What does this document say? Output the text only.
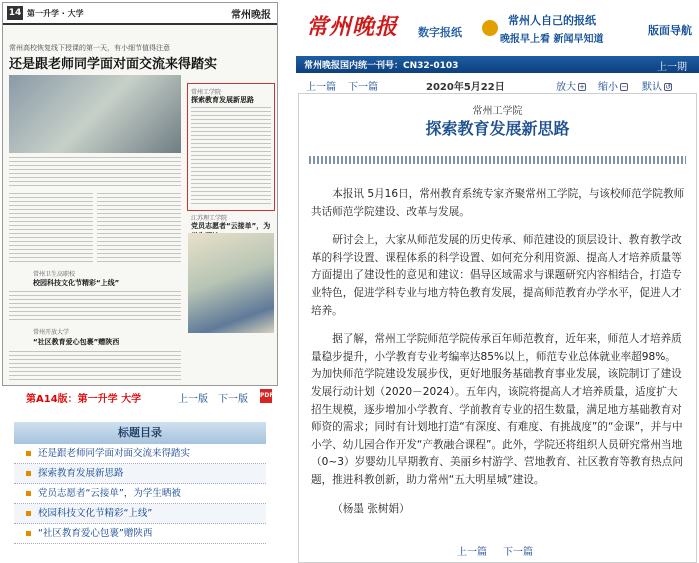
14 第一升学 · 大学	常州晚报
常州高校恢复线下授课的第一天，有小细节值得注意
还是跟老师同学面对面交流来得踏实
常州工学院
探索教育发展新思路
江苏理工学院
党员志愿者“云接单”，为
常州卫生高职校
校园科技文化节精彩“上线”
常州开放大学
“社区教育爱心包裹”赠陕西
第A14版：第一升学 大学	上一版 下一版 PDF
标题目录
还是跟老师同学面对面交流来得踏实
探索教育发展新思路
党员志愿者“云接单”，为学生晒被
校园科技文化节精彩“上线”
“社区教育爱心包裹”赠陕西
常州晚报 数字报纸
常州人自己的报纸
晚报早上看 新闻早知道
版面导航
常州晚报国内统一刊号：CN32-0103	上一期
上一篇 下一篇	2020年5月22日	放大 + 缩小 − 默认 ↺
常州工学院
探索教育发展新思路

本报讯 5月16日，常州教育系统专家齐聚常州工学院，与该校师范学院教师共话师范学院建设、改革与发展。

研讨会上，大家从师范发展的历史传承、师范建设的顶层设计、教育教学改革的科学设置、课程体系的科学设置、如何充分利用资源、提高人才培养质量等方面提出了建设性的意见和建议：倡导区域需求与课题研究内容相结合，打造专业特色，促进学科专业与地方特色教育发展，提高师范教育办学水平，促进人才培养。

据了解，常州工学院师范学院传承百年师范教育，近年来，师范人才培养质量稳步提升，小学教育专业考编率达85%以上，师范专业总体就业率超98%。为加快师范学院建设发展步伐，更好地服务基础教育事业发展，该院制订了建设发展行动计划（2020－2024）。五年内，该院将提高人才培养质量，适度扩大招生规模，逐步增加小学教育、学前教育专业的招生数量，满足地方基础教育对师资的需求；同时有计划地打造“有深度、有难度、有挑战度”的“金课”，并与中小学、幼儿园合作开发“产教融合课程”。此外，学院还将组织人员研究常州当地（0~3）岁婴幼儿早期教育、美丽乡村游学、营地教育、社区教育等教育热点问题，推进科教创新，助力常州“五大明星城”建设。

（杨墨 张树娟）

上一篇 下一篇
